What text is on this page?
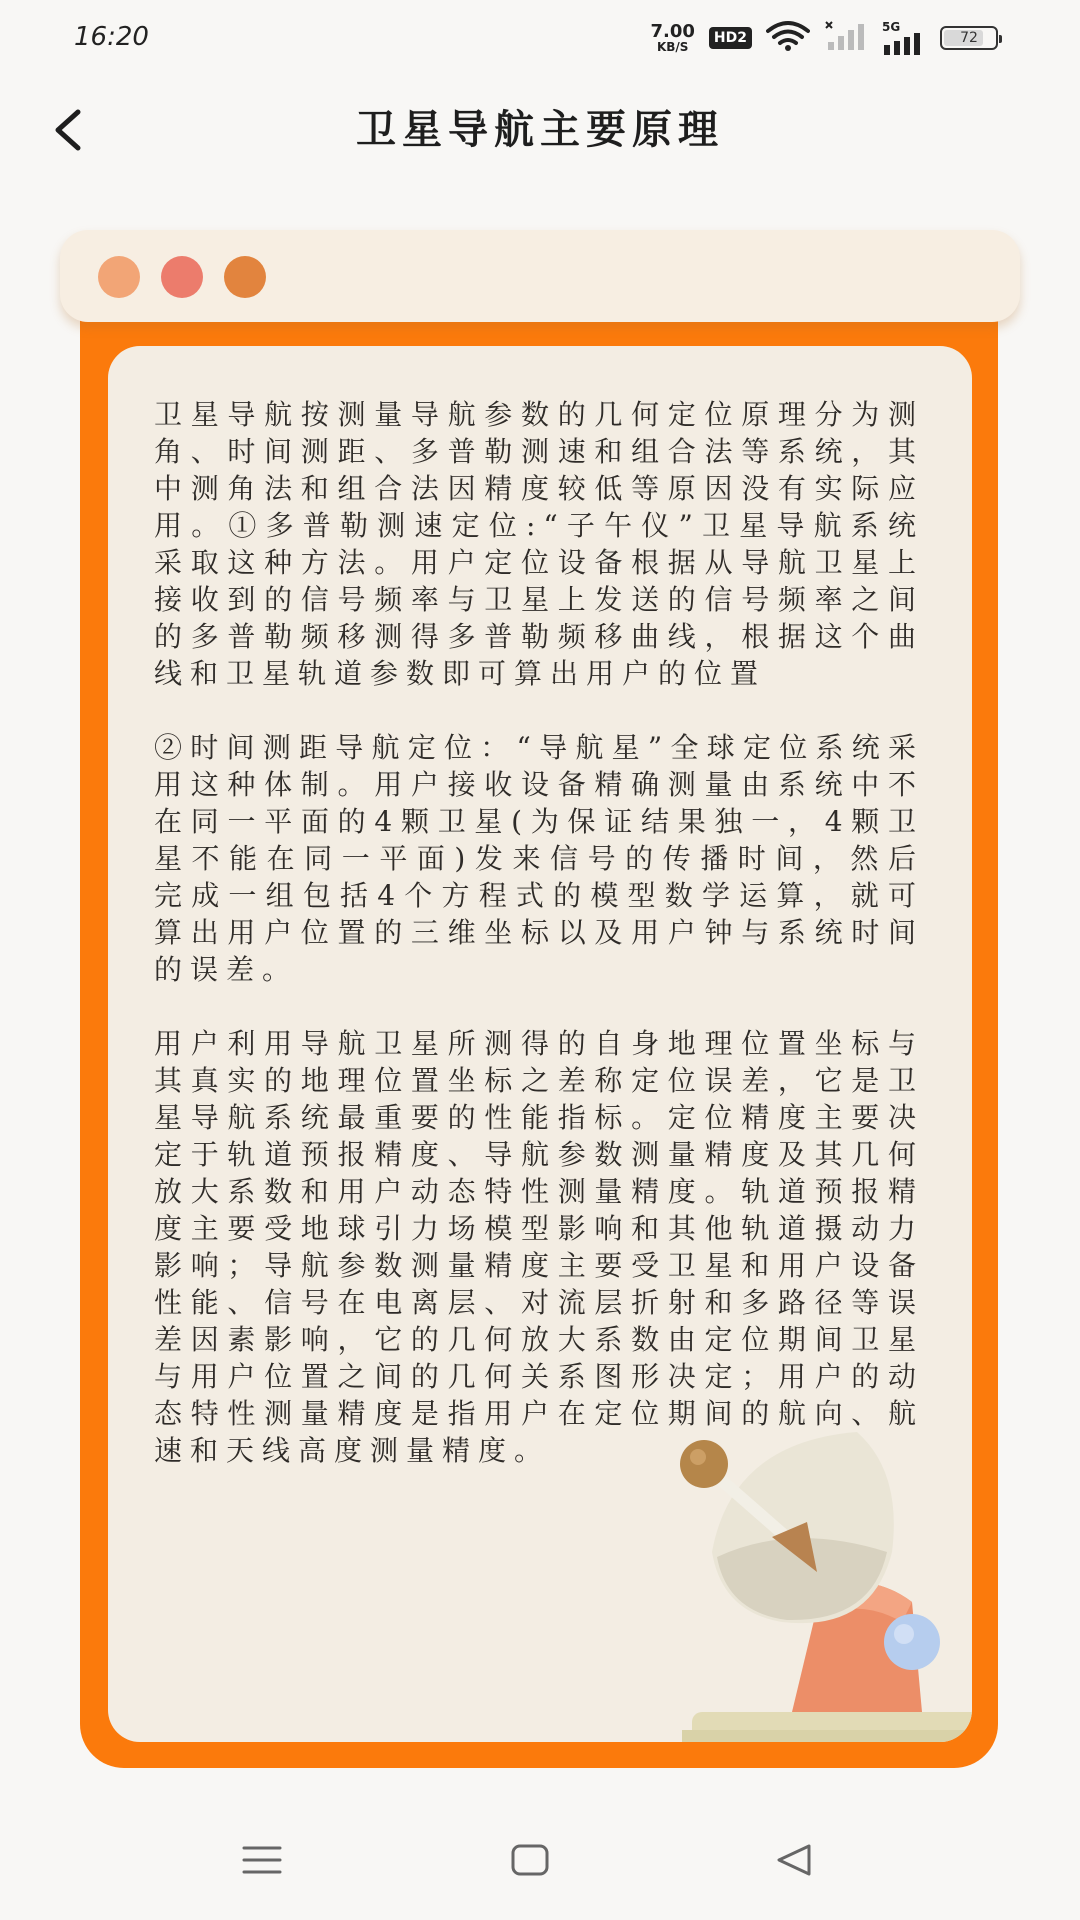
16:20	7.00
KB/S
HD2
5G
72
卫星导航主要原理

卫星导航按测量导航参数的几何定位原理分为测角、时间测距、多普勒测速和组合法等系统，其中测角法和组合法因精度较低等原因没有实际应用。①多普勒测速定位:“子午仪”卫星导航系统采取这种方法。用户定位设备根据从导航卫星上接收到的信号频率与卫星上发送的信号频率之间的多普勒频移测得多普勒频移曲线，根据这个曲线和卫星轨道参数即可算出用户的位置

②时间测距导航定位：“导航星”全球定位系统采用这种体制。用户接收设备精确测量由系统中不在同一平面的4颗卫星(为保证结果独一，4颗卫星不能在同一平面)发来信号的传播时间，然后完成一组包括4个方程式的模型数学运算，就可算出用户位置的三维坐标以及用户钟与系统时间的误差。

用户利用导航卫星所测得的自身地理位置坐标与其真实的地理位置坐标之差称定位误差，它是卫星导航系统最重要的性能指标。定位精度主要决定于轨道预报精度、导航参数测量精度及其几何放大系数和用户动态特性测量精度。轨道预报精度主要受地球引力场模型影响和其他轨道摄动力影响；导航参数测量精度主要受卫星和用户设备性能、信号在电离层、对流层折射和多路径等误差因素影响，它的几何放大系数由定位期间卫星与用户位置之间的几何关系图形决定；用户的动态特性测量精度是指用户在定位期间的航向、航速和天线高度测量精度。
